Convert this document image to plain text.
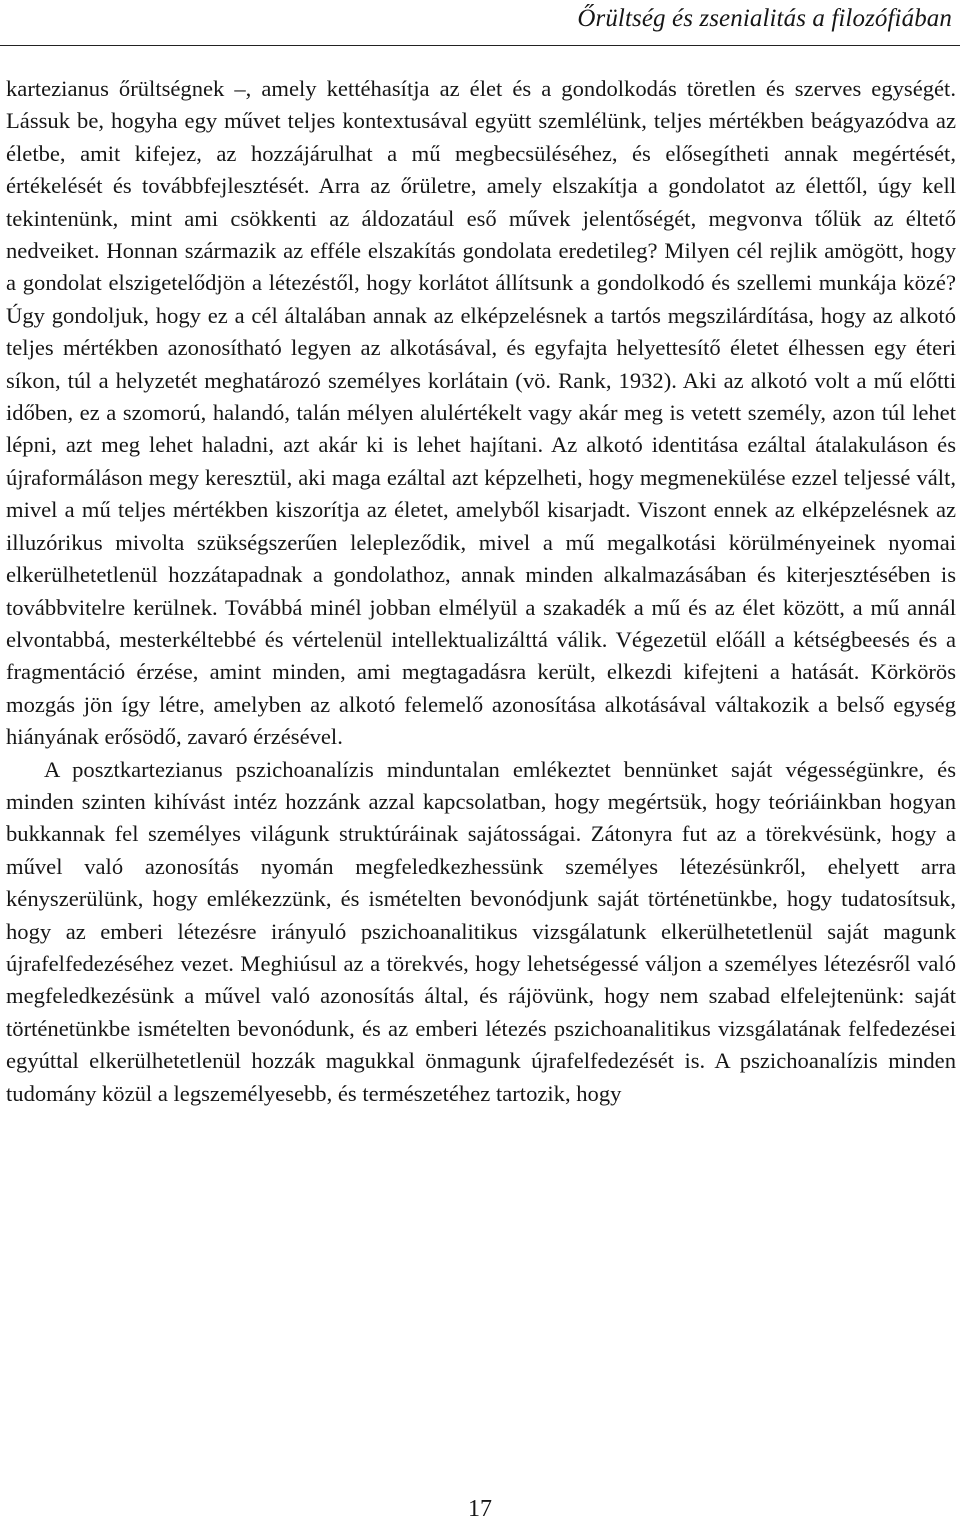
Őrültség és zsenialitás a filozófiában

kartezianus őrültségnek –, amely kettéhasítja az élet és a gondolkodás töretlen és szerves egységét. Lássuk be, hogyha egy művet teljes kontextusával együtt szemlélünk, teljes mértékben beágyazódva az életbe, amit kifejez, az hozzájárulhat a mű megbecsüléséhez, és elősegítheti annak megértését, értékelését és továbbfejlesztését. Arra az őrületre, amely elszakítja a gondolatot az élettől, úgy kell tekintenünk, mint ami csökkenti az áldozatául eső művek jelentőségét, megvonva tőlük az éltető nedveiket. Honnan származik az efféle elszakítás gondolata eredetileg? Milyen cél rejlik amögött, hogy a gondolat elszigetelődjön a létezéstől, hogy korlátot állítsunk a gondolkodó és szellemi munkája közé? Úgy gondoljuk, hogy ez a cél általában annak az elképzelésnek a tartós megszilárdítása, hogy az alkotó teljes mértékben azonosítható legyen az alkotásával, és egyfajta helyettesítő életet élhessen egy éteri síkon, túl a helyzetét meghatározó személyes korlátain (vö. Rank, 1932). Aki az alkotó volt a mű előtti időben, ez a szomorú, halandó, talán mélyen alulértékelt vagy akár meg is vetett személy, azon túl lehet lépni, azt meg lehet haladni, azt akár ki is lehet hajítani. Az alkotó identitása ezáltal átalakuláson és újraformáláson megy keresztül, aki maga ezáltal azt képzelheti, hogy megmenekülése ezzel teljessé vált, mivel a mű teljes mértékben kiszorítja az életet, amelyből kisarjadt. Viszont ennek az elképzelésnek az illuzórikus mivolta szükségszerűen lelepleződik, mivel a mű megalkotási körülményeinek nyomai elkerülhetetlenül hozzátapadnak a gondolathoz, annak minden alkalmazásában és kiterjesztésében is továbbvitelre kerülnek. Továbbá minél jobban elmélyül a szakadék a mű és az élet között, a mű annál elvontabbá, mesterkéltebbé és vértelenül intellektualizálttá válik. Végezetül előáll a kétségbeesés és a fragmentáció érzése, amint minden, ami megtagadásra került, elkezdi kifejteni a hatását. Körkörös mozgás jön így létre, amelyben az alkotó felemelő azonosítása alkotásával váltakozik a belső egység hiányának erősödő, zavaró érzésével.

A posztkartezianus pszichoanalízis minduntalan emlékeztet bennünket saját végességünkre, és minden szinten kihívást intéz hozzánk azzal kapcsolatban, hogy megértsük, hogy teóriáinkban hogyan bukkannak fel személyes világunk struktúráinak sajátosságai. Zátonyra fut az a törekvésünk, hogy a művel való azonosítás nyomán megfeledkezhessünk személyes létezésünkről, ehelyett arra kényszerülünk, hogy emlékezzünk, és ismételten bevonódjunk saját történetünkbe, hogy tudatosítsuk, hogy az emberi létezésre irányuló pszichoanalitikus vizsgálatunk elkerülhetetlenül saját magunk újrafelfedezéséhez vezet. Meghiúsul az a törekvés, hogy lehetségessé váljon a személyes létezésről való megfeledkezésünk a művel való azonosítás által, és rájövünk, hogy nem szabad elfelejtenünk: saját történetünkbe ismételten bevonódunk, és az emberi létezés pszichoanalitikus vizsgálatának felfedezései egyúttal elkerülhetetlenül hozzák magukkal önmagunk újrafelfedezését is. A pszichoanalízis minden tudomány közül a legszemélyesebb, és természetéhez tartozik, hogy

17
